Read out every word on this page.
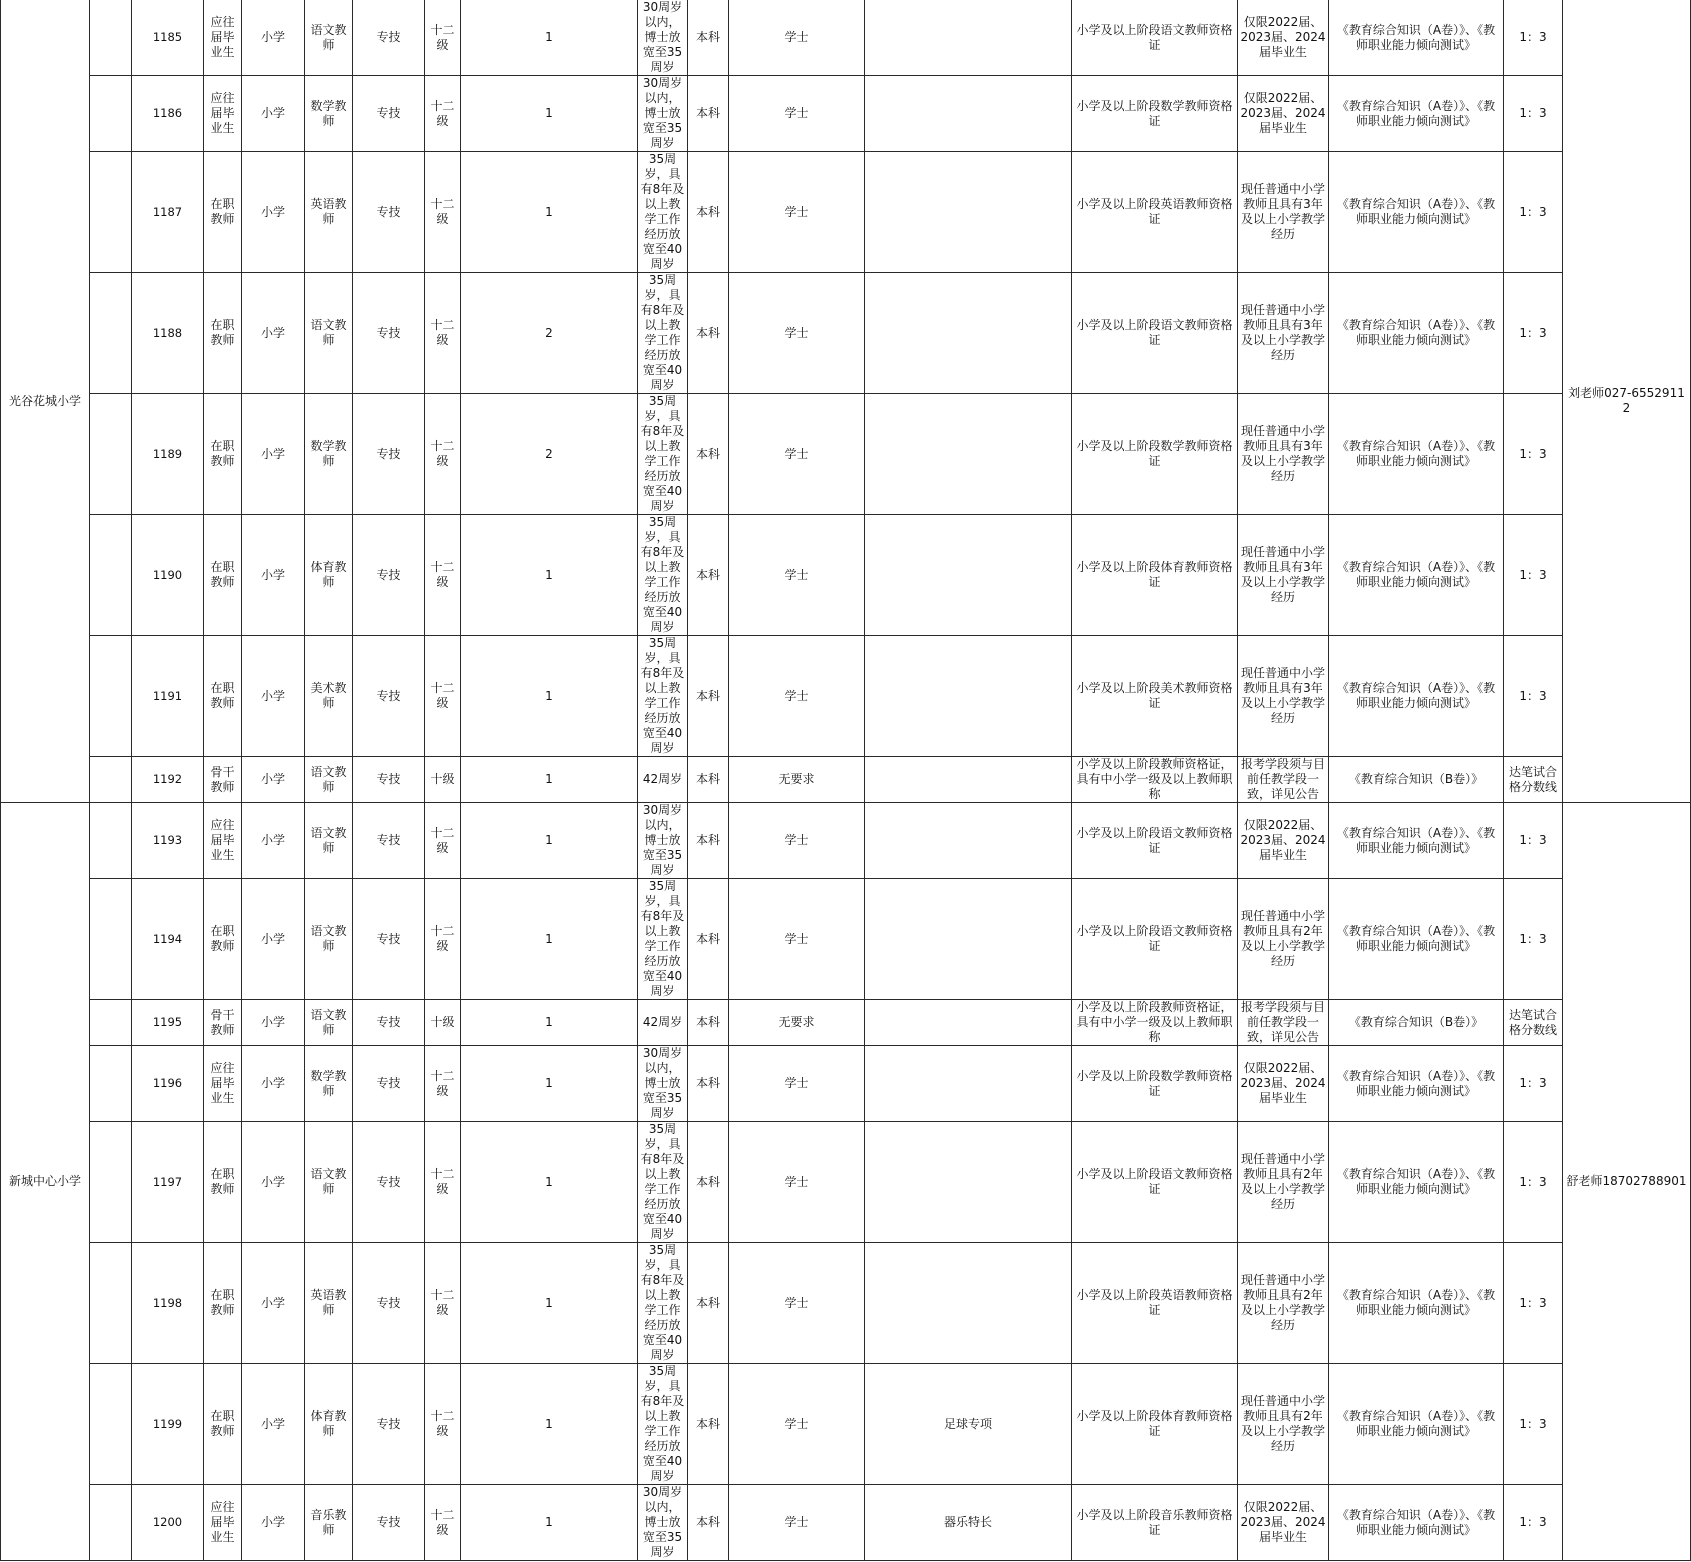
光谷花城小学		1185	应往届毕业生	小学	语文教师	专技	十二级	1	30周岁以内，博士放宽至35周岁	本科	学士		小学及以上阶段语文教师资格证	仅限2022届、2023届、2024届毕业生	《教育综合知识（A卷）》、《教师职业能力倾向测试》	1：3	刘老师027-65529112
		1186	应往届毕业生	小学	数学教师	专技	十二级	1	30周岁以内，博士放宽至35周岁	本科	学士		小学及以上阶段数学教师资格证	仅限2022届、2023届、2024届毕业生	《教育综合知识（A卷）》、《教师职业能力倾向测试》	1：3	
		1187	在职教师	小学	英语教师	专技	十二级	1	35周岁，具有8年及以上教学工作经历放宽至40周岁	本科	学士		小学及以上阶段英语教师资格证	现任普通中小学教师且具有3年及以上小学教学经历	《教育综合知识（A卷）》、《教师职业能力倾向测试》	1：3	
		1188	在职教师	小学	语文教师	专技	十二级	2	35周岁，具有8年及以上教学工作经历放宽至40周岁	本科	学士		小学及以上阶段语文教师资格证	现任普通中小学教师且具有3年及以上小学教学经历	《教育综合知识（A卷）》、《教师职业能力倾向测试》	1：3	
		1189	在职教师	小学	数学教师	专技	十二级	2	35周岁，具有8年及以上教学工作经历放宽至40周岁	本科	学士		小学及以上阶段数学教师资格证	现任普通中小学教师且具有3年及以上小学教学经历	《教育综合知识（A卷）》、《教师职业能力倾向测试》	1：3	
		1190	在职教师	小学	体育教师	专技	十二级	1	35周岁，具有8年及以上教学工作经历放宽至40周岁	本科	学士		小学及以上阶段体育教师资格证	现任普通中小学教师且具有3年及以上小学教学经历	《教育综合知识（A卷）》、《教师职业能力倾向测试》	1：3	
		1191	在职教师	小学	美术教师	专技	十二级	1	35周岁，具有8年及以上教学工作经历放宽至40周岁	本科	学士		小学及以上阶段美术教师资格证	现任普通中小学教师且具有3年及以上小学教学经历	《教育综合知识（A卷）》、《教师职业能力倾向测试》	1：3	
		1192	骨干教师	小学	语文教师	专技	十级	1	42周岁	本科	无要求		小学及以上阶段教师资格证，具有中小学一级及以上教师职称	报考学段须与目前任教学段一致，详见公告	《教育综合知识（B卷）》	达笔试合格分数线	
新城中心小学		1193	应往届毕业生	小学	语文教师	专技	十二级	1	30周岁以内，博士放宽至35周岁	本科	学士		小学及以上阶段语文教师资格证	仅限2022届、2023届、2024届毕业生	《教育综合知识（A卷）》、《教师职业能力倾向测试》	1：3	舒老师18702788901
		1194	在职教师	小学	语文教师	专技	十二级	1	35周岁，具有8年及以上教学工作经历放宽至40周岁	本科	学士		小学及以上阶段语文教师资格证	现任普通中小学教师且具有2年及以上小学教学经历	《教育综合知识（A卷）》、《教师职业能力倾向测试》	1：3	
		1195	骨干教师	小学	语文教师	专技	十级	1	42周岁	本科	无要求		小学及以上阶段教师资格证，具有中小学一级及以上教师职称	报考学段须与目前任教学段一致，详见公告	《教育综合知识（B卷）》	达笔试合格分数线	
		1196	应往届毕业生	小学	数学教师	专技	十二级	1	30周岁以内，博士放宽至35周岁	本科	学士		小学及以上阶段数学教师资格证	仅限2022届、2023届、2024届毕业生	《教育综合知识（A卷）》、《教师职业能力倾向测试》	1：3	
		1197	在职教师	小学	语文教师	专技	十二级	1	35周岁，具有8年及以上教学工作经历放宽至40周岁	本科	学士		小学及以上阶段语文教师资格证	现任普通中小学教师且具有2年及以上小学教学经历	《教育综合知识（A卷）》、《教师职业能力倾向测试》	1：3	
		1198	在职教师	小学	英语教师	专技	十二级	1	35周岁，具有8年及以上教学工作经历放宽至40周岁	本科	学士		小学及以上阶段英语教师资格证	现任普通中小学教师且具有2年及以上小学教学经历	《教育综合知识（A卷）》、《教师职业能力倾向测试》	1：3	
		1199	在职教师	小学	体育教师	专技	十二级	1	35周岁，具有8年及以上教学工作经历放宽至40周岁	本科	学士	足球专项	小学及以上阶段体育教师资格证	现任普通中小学教师且具有2年及以上小学教学经历	《教育综合知识（A卷）》、《教师职业能力倾向测试》	1：3	
		1200	应往届毕业生	小学	音乐教师	专技	十二级	1	30周岁以内，博士放宽至35周岁	本科	学士	器乐特长	小学及以上阶段音乐教师资格证	仅限2022届、2023届、2024届毕业生	《教育综合知识（A卷）》、《教师职业能力倾向测试》	1：3	
